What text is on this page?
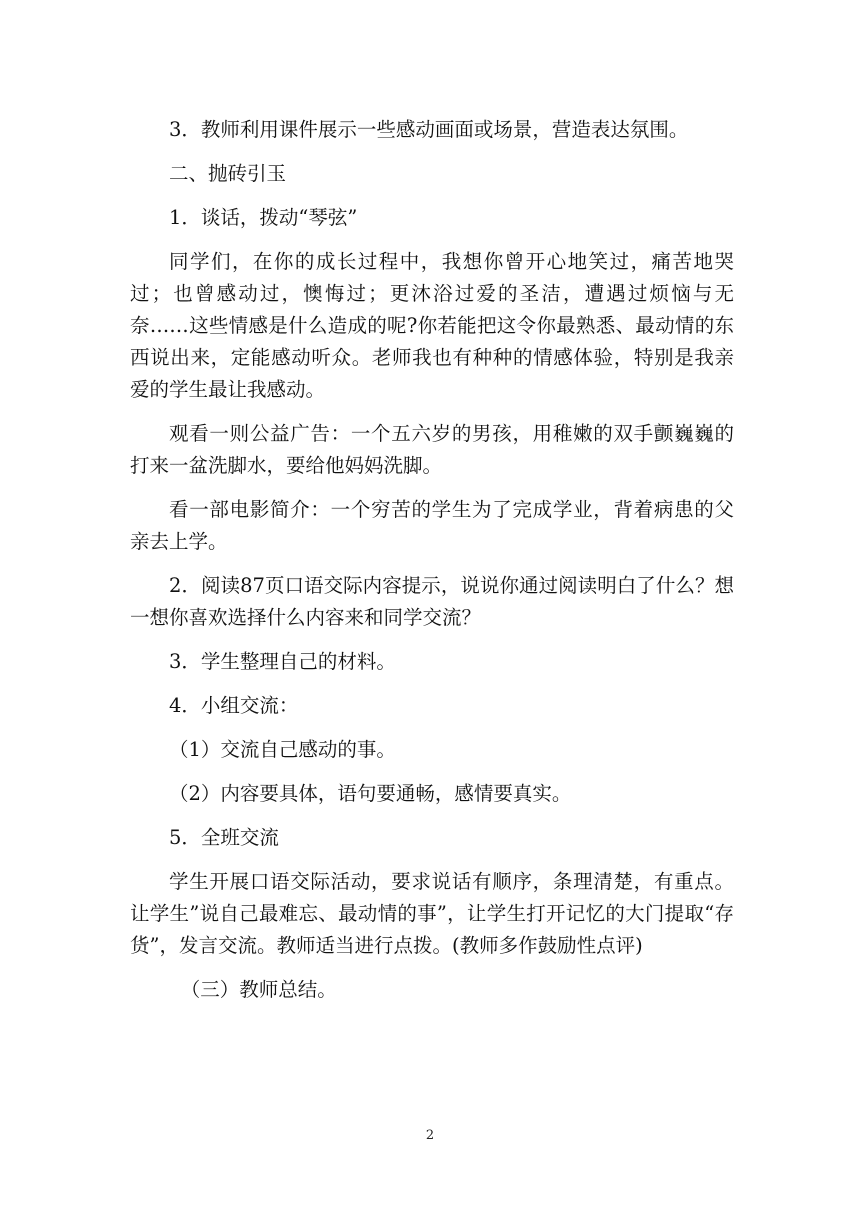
3．教师利用课件展示一些感动画面或场景，营造表达氛围。

二、抛砖引玉

1．谈话，拨动“琴弦”

同学们，在你的成长过程中，我想你曾开心地笑过，痛苦地哭过；也曾感动过，懊悔过；更沐浴过爱的圣洁，遭遇过烦恼与无奈……这些情感是什么造成的呢?你若能把这令你最熟悉、最动情的东西说出来，定能感动听众。老师我也有种种的情感体验，特别是我亲爱的学生最让我感动。

观看一则公益广告：一个五六岁的男孩，用稚嫩的双手颤巍巍的打来一盆洗脚水，要给他妈妈洗脚。

看一部电影简介：一个穷苦的学生为了完成学业，背着病患的父亲去上学。

2．阅读87页口语交际内容提示，说说你通过阅读明白了什么？想一想你喜欢选择什么内容来和同学交流？

3．学生整理自己的材料。

4．小组交流：

（1）交流自己感动的事。

（2）内容要具体，语句要通畅，感情要真实。

5．全班交流

学生开展口语交际活动，要求说话有顺序，条理清楚，有重点。让学生”说自己最难忘、最动情的事”，让学生打开记忆的大门提取“存货”，发言交流。教师适当进行点拨。(教师多作鼓励性点评)

（三）教师总结。

2
